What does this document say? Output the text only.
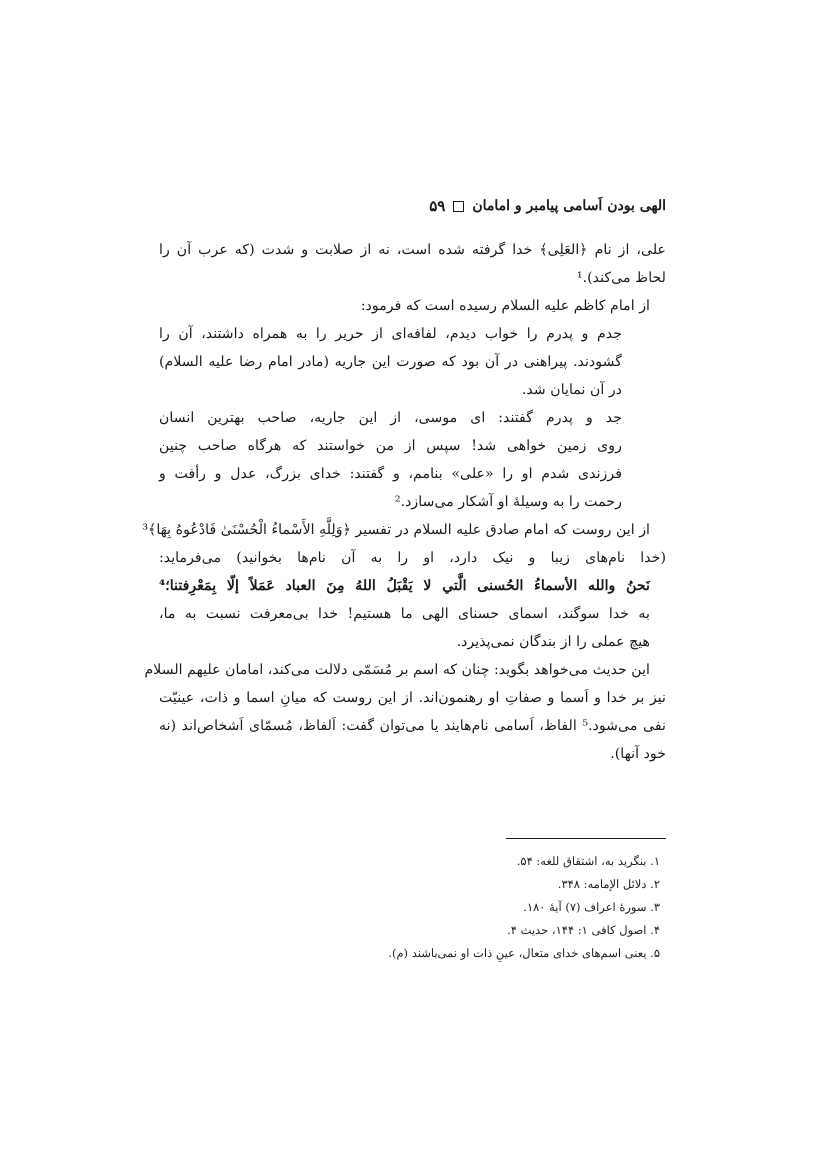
الهی بودن اَسامی پیامبر و امامان
۵۹
علی، از نام ﴿العَلِی﴾ خدا گرفته شده است، نه از صلابت و شدت (که عرب آن را
لحاظ می‌کند).¹
از امام کاظم علیه السلام رسیده است که فرمود:
جدم و پدرم را خواب دیدم، لفافه‌ای از حریر را به همراه داشتند، آن را
گشودند. پیراهنی در آن بود که صورت این جاریه (مادر امام رضا علیه السلام)
در آن نمایان شد.
جد و پدرم گفتند: ای موسی، از این جاریه، صاحب بهترین انسان
روی زمین خواهی شد! سپس از من خواستند که هرگاه صاحب چنین
فرزندی شدم او را «علی» بنامم، و گفتند: خدای بزرگ، عدل و رأفت و
رحمت را به وسیلهٔ او آشکار می‌سازد.²
از این روست که امام صادق علیه السلام در تفسیر ﴿وَلِلَّهِ الأَسْماءُ الْحُسْنَىٰ فَادْعُوهُ بِهَا﴾³
(خدا نام‌های زیبا و نیک دارد، او را به آن نام‌ها بخوانید) می‌فرماید:
نَحنُ والله الأسماءُ الحُسنى الَّتي لا يَقْبَلُ اللهُ مِنَ العباد عَمَلاً إلّا بِمَعْرِفتنا؛⁴
به خدا سوگند، اسمای حسنای الهی ما هستیم! خدا بی‌معرفت نسبت به ما،
هیچ عملی را از بندگان نمی‌پذیرد.
این حدیث می‌خواهد بگوید: چنان که اسم بر مُسَمّی دلالت می‌کند، امامان علیهم السلام
نیز بر خدا و اَسما و صفاتِ او رهنمون‌اند. از این روست که میانِ اسما و ذات، عینیّت
نفی می‌شود.⁵ الفاظ، اَسامی نام‌هایند یا می‌توان گفت: اَلفاظ، مُسمّای اَشخاص‌اند (نه
خود آنها).
۱. بنگرید به، اشتقاق للغه: ۵۴.
۲. دلائل الإمامه: ۳۴۸.
۳. سورهٔ اعراف (۷) آیهٔ ۱۸۰.
۴. اصول کافی ۱: ۱۴۴، حدیث ۴.
۵. یعنی اسم‌های خدای متعال، عینِ ذات او نمی‌باشند (م).
